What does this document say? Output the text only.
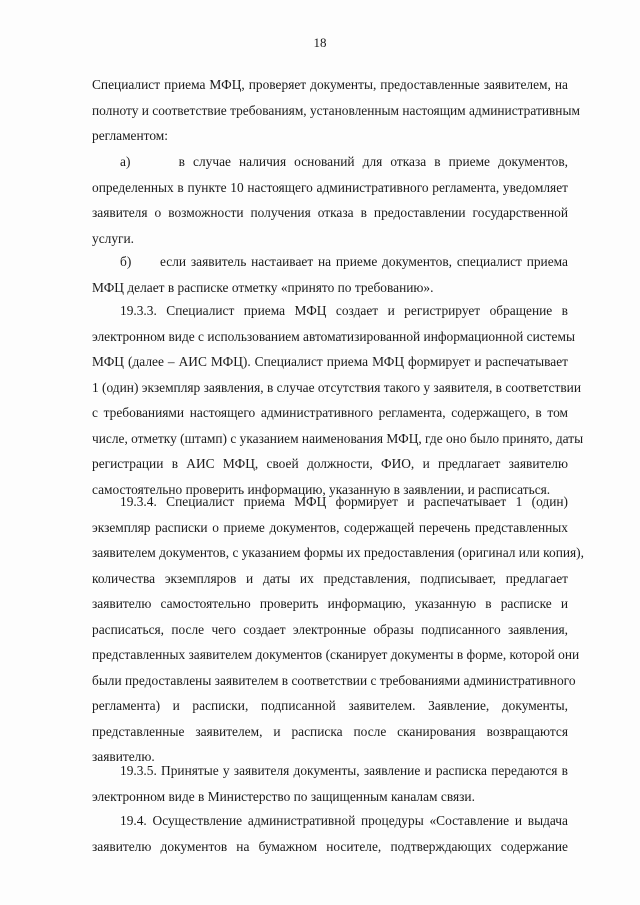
18
Специалист приема МФЦ, проверяет документы, предоставленные заявителем, на
полноту и соответствие требованиям, установленным настоящим административным
регламентом:
а)      в случае наличия оснований для отказа в приеме документов,
определенных в пункте 10 настоящего административного регламента, уведомляет
заявителя о возможности получения отказа в предоставлении государственной
услуги.
б)      если заявитель настаивает на приеме документов, специалист приема
МФЦ делает в расписке отметку «принято по требованию».
19.3.3. Специалист приема МФЦ создает и регистрирует обращение в
электронном виде с использованием автоматизированной информационной системы
МФЦ (далее – АИС МФЦ). Специалист приема МФЦ формирует и распечатывает
1 (один) экземпляр заявления, в случае отсутствия такого у заявителя, в соответствии
с требованиями настоящего административного регламента, содержащего, в том
числе, отметку (штамп) с указанием наименования МФЦ, где оно было принято, даты
регистрации в АИС МФЦ, своей должности, ФИО, и предлагает заявителю
самостоятельно проверить информацию, указанную в заявлении, и расписаться.
19.3.4. Специалист приема МФЦ формирует и распечатывает 1 (один)
экземпляр расписки о приеме документов, содержащей перечень представленных
заявителем документов, с указанием формы их предоставления (оригинал или копия),
количества экземпляров и даты их представления, подписывает, предлагает
заявителю самостоятельно проверить информацию, указанную в расписке и
расписаться, после чего создает электронные образы подписанного заявления,
представленных заявителем документов (сканирует документы в форме, которой они
были предоставлены заявителем в соответствии с требованиями административного
регламента) и расписки, подписанной заявителем. Заявление, документы,
представленные заявителем, и расписка после сканирования возвращаются
заявителю.
19.3.5. Принятые у заявителя документы, заявление и расписка передаются в
электронном виде в Министерство по защищенным каналам связи.
19.4. Осуществление административной процедуры «Составление и выдача
заявителю документов на бумажном носителе, подтверждающих содержание
